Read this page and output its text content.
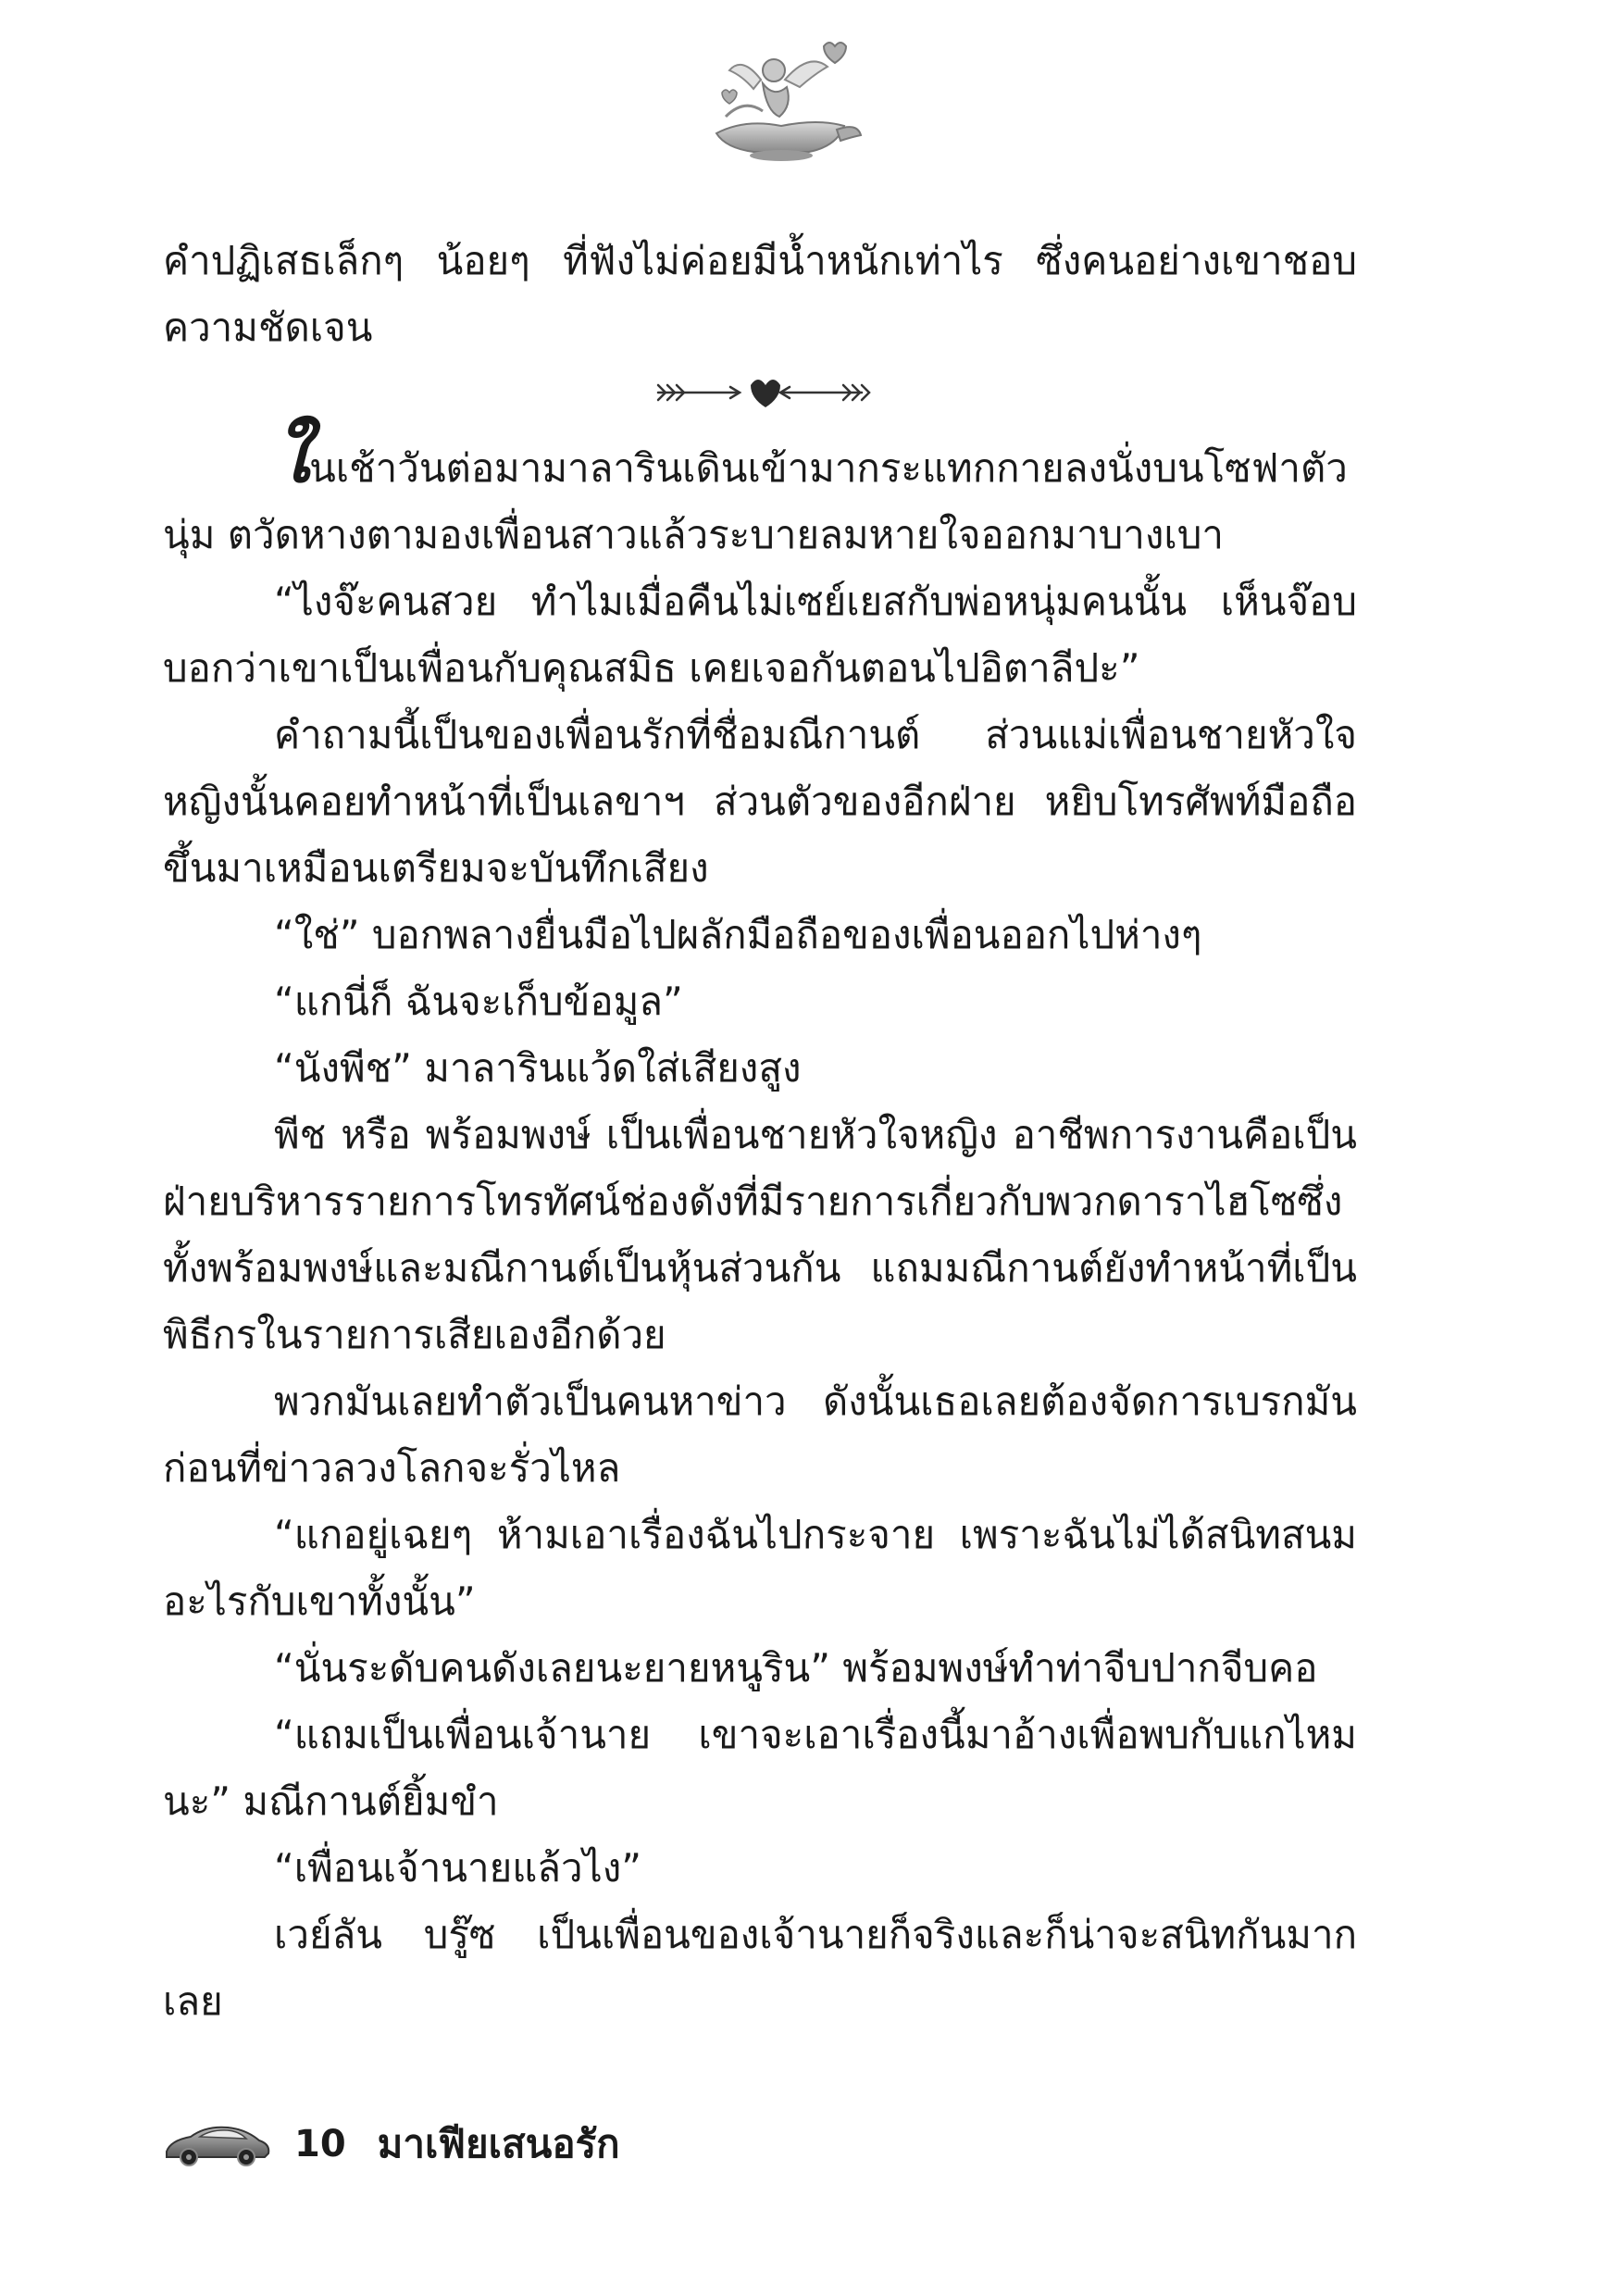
คำปฏิเสธเล็กๆ น้อยๆ ที่ฟังไม่ค่อยมีน้ำหนักเท่าไร ซึ่งคนอย่างเขาชอบความชัดเจน

ในเช้าวันต่อมามาลารินเดินเข้ามากระแทกกายลงนั่งบนโซฟาตัวนุ่ม ตวัดหางตามองเพื่อนสาวแล้วระบายลมหายใจออกมาบางเบา

“ไงจ๊ะคนสวย ทำไมเมื่อคืนไม่เซย์เยสกับพ่อหนุ่มคนนั้น เห็นจ๊อบบอกว่าเขาเป็นเพื่อนกับคุณสมิธ เคยเจอกันตอนไปอิตาลีปะ”

คำถามนี้เป็นของเพื่อนรักที่ชื่อมณีกานต์ ส่วนแม่เพื่อนชายหัวใจหญิงนั้นคอยทำหน้าที่เป็นเลขาฯ ส่วนตัวของอีกฝ่าย หยิบโทรศัพท์มือถือขึ้นมาเหมือนเตรียมจะบันทึกเสียง

“ใช่” บอกพลางยื่นมือไปผลักมือถือของเพื่อนออกไปห่างๆ

“แกนี่ก็ ฉันจะเก็บข้อมูล”

“นังพีช” มาลารินแว้ดใส่เสียงสูง

พีช หรือ พร้อมพงษ์ เป็นเพื่อนชายหัวใจหญิง อาชีพการงานคือเป็นฝ่ายบริหารรายการโทรทัศน์ช่องดังที่มีรายการเกี่ยวกับพวกดาราไฮโซซึ่งทั้งพร้อมพงษ์และมณีกานต์เป็นหุ้นส่วนกัน แถมมณีกานต์ยังทำหน้าที่เป็นพิธีกรในรายการเสียเองอีกด้วย

พวกมันเลยทำตัวเป็นคนหาข่าว ดังนั้นเธอเลยต้องจัดการเบรกมันก่อนที่ข่าวลวงโลกจะรั่วไหล

“แกอยู่เฉยๆ ห้ามเอาเรื่องฉันไปกระจาย เพราะฉันไม่ได้สนิทสนมอะไรกับเขาทั้งนั้น”

“นั่นระดับคนดังเลยนะยายหนูริน” พร้อมพงษ์ทำท่าจีบปากจีบคอ

“แถมเป็นเพื่อนเจ้านาย เขาจะเอาเรื่องนี้มาอ้างเพื่อพบกับแกไหมนะ” มณีกานต์ยิ้มขำ

“เพื่อนเจ้านายแล้วไง”

เวย์ลัน บรู๊ซ เป็นเพื่อนของเจ้านายก็จริงและก็น่าจะสนิทกันมากเลย

10 มาเฟียเสนอรัก
